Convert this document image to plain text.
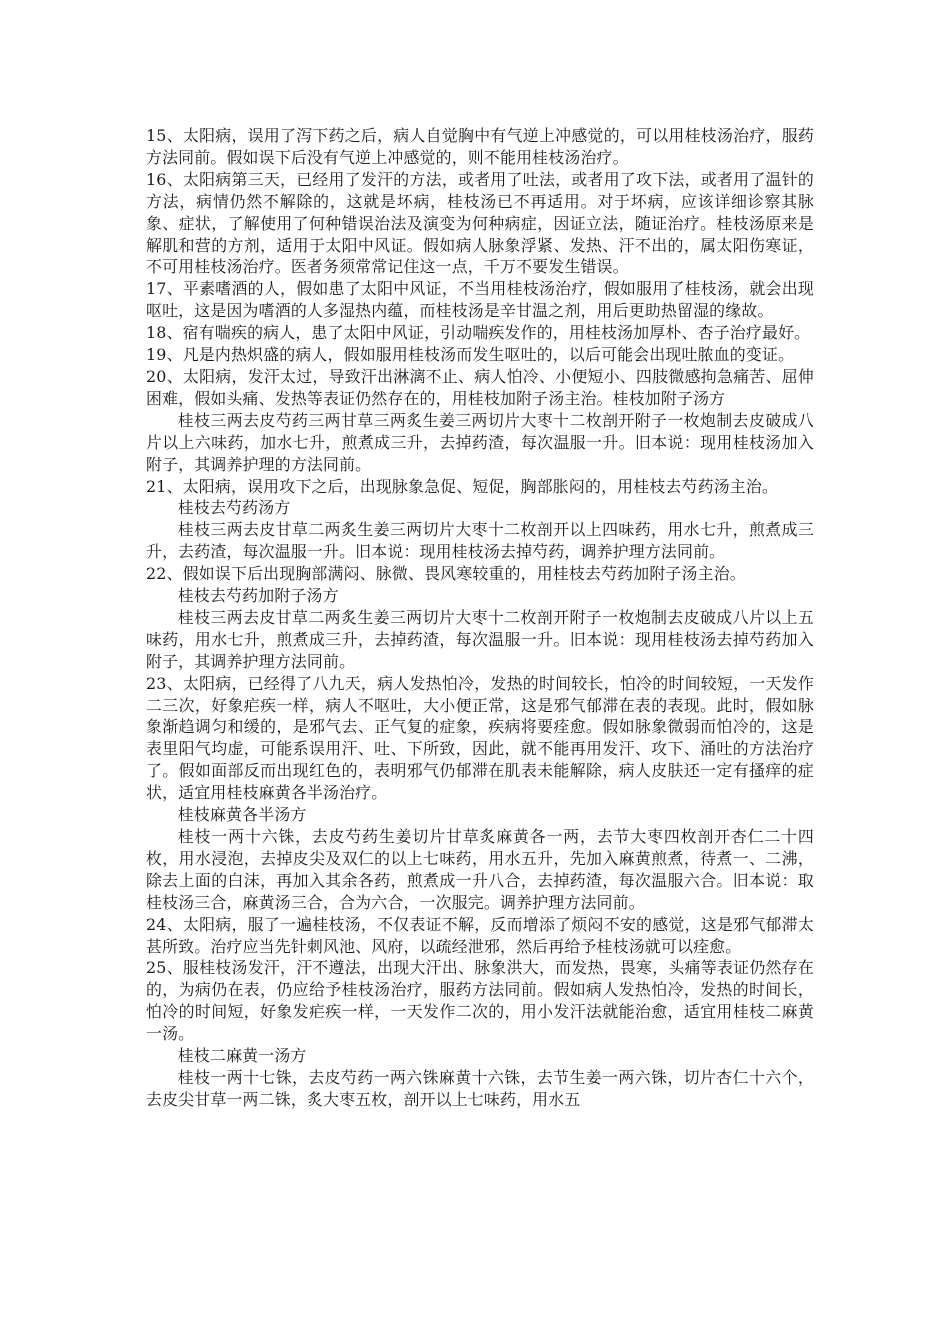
15、太阳病，误用了泻下药之后，病人自觉胸中有气逆上冲感觉的，可以用桂枝汤治疗，服药方法同前。假如误下后没有气逆上冲感觉的，则不能用桂枝汤治疗。

16、太阳病第三天，已经用了发汗的方法，或者用了吐法，或者用了攻下法，或者用了温针的方法，病情仍然不解除的，这就是坏病，桂枝汤已不再适用。对于坏病，应该详细诊察其脉象、症状，了解使用了何种错误治法及演变为何种病症，因证立法，随证治疗。桂枝汤原来是解肌和营的方剂，适用于太阳中风证。假如病人脉象浮紧、发热、汗不出的，属太阳伤寒证，不可用桂枝汤治疗。医者务须常常记住这一点，千万不要发生错误。

17、平素嗜酒的人，假如患了太阳中风证，不当用桂枝汤治疗，假如服用了桂枝汤，就会出现呕吐，这是因为嗜酒的人多湿热内蕴，而桂枝汤是辛甘温之剂，用后更助热留湿的缘故。

18、宿有喘疾的病人，患了太阳中风证，引动喘疾发作的，用桂枝汤加厚朴、杏子治疗最好。

19、凡是内热炽盛的病人，假如服用桂枝汤而发生呕吐的，以后可能会出现吐脓血的变证。

20、太阳病，发汗太过，导致汗出淋漓不止、病人怕冷、小便短小、四肢微感拘急痛苦、屈伸困难，假如头痛、发热等表证仍然存在的，用桂枝加附子汤主治。桂枝加附子汤方

桂枝三两去皮芍药三两甘草三两炙生姜三两切片大枣十二枚剖开附子一枚炮制去皮破成八片以上六味药，加水七升，煎煮成三升，去掉药渣，每次温服一升。旧本说：现用桂枝汤加入附子，其调养护理的方法同前。

21、太阳病，误用攻下之后，出现脉象急促、短促，胸部胀闷的，用桂枝去芍药汤主治。

桂枝去芍药汤方

桂枝三两去皮甘草二两炙生姜三两切片大枣十二枚剖开以上四味药，用水七升，煎煮成三升，去药渣，每次温服一升。旧本说：现用桂枝汤去掉芍药，调养护理方法同前。

22、假如误下后出现胸部满闷、脉微、畏风寒较重的，用桂枝去芍药加附子汤主治。

桂枝去芍药加附子汤方

桂枝三两去皮甘草二两炙生姜三两切片大枣十二枚剖开附子一枚炮制去皮破成八片以上五味药，用水七升，煎煮成三升，去掉药渣，每次温服一升。旧本说：现用桂枝汤去掉芍药加入附子，其调养护理方法同前。

23、太阳病，已经得了八九天，病人发热怕冷，发热的时间较长，怕冷的时间较短，一天发作二三次，好象疟疾一样，病人不呕吐，大小便正常，这是邪气郁滞在表的表现。此时，假如脉象渐趋调匀和缓的，是邪气去、正气复的症象，疾病将要痊愈。假如脉象微弱而怕冷的，这是表里阳气均虚，可能系误用汗、吐、下所致，因此，就不能再用发汗、攻下、涌吐的方法治疗了。假如面部反而出现红色的，表明邪气仍郁滞在肌表未能解除，病人皮肤还一定有搔痒的症状，适宜用桂枝麻黄各半汤治疗。

桂枝麻黄各半汤方

桂枝一两十六铢，去皮芍药生姜切片甘草炙麻黄各一两，去节大枣四枚剖开杏仁二十四枚，用水浸泡，去掉皮尖及双仁的以上七味药，用水五升，先加入麻黄煎煮，待煮一、二沸，除去上面的白沫，再加入其余各药，煎煮成一升八合，去掉药渣，每次温服六合。旧本说：取桂枝汤三合，麻黄汤三合，合为六合，一次服完。调养护理方法同前。

24、太阳病，服了一遍桂枝汤，不仅表证不解，反而增添了烦闷不安的感觉，这是邪气郁滞太甚所致。治疗应当先针刺风池、风府，以疏经泄邪，然后再给予桂枝汤就可以痊愈。

25、服桂枝汤发汗，汗不遵法，出现大汗出、脉象洪大，而发热，畏寒，头痛等表证仍然存在的，为病仍在表，仍应给予桂枝汤治疗，服药方法同前。假如病人发热怕冷，发热的时间长，怕冷的时间短，好象发疟疾一样，一天发作二次的，用小发汗法就能治愈，适宜用桂枝二麻黄一汤。

桂枝二麻黄一汤方

桂枝一两十七铢，去皮芍药一两六铢麻黄十六铢，去节生姜一两六铢，切片杏仁十六个，去皮尖甘草一两二铢，炙大枣五枚，剖开以上七味药，用水五
